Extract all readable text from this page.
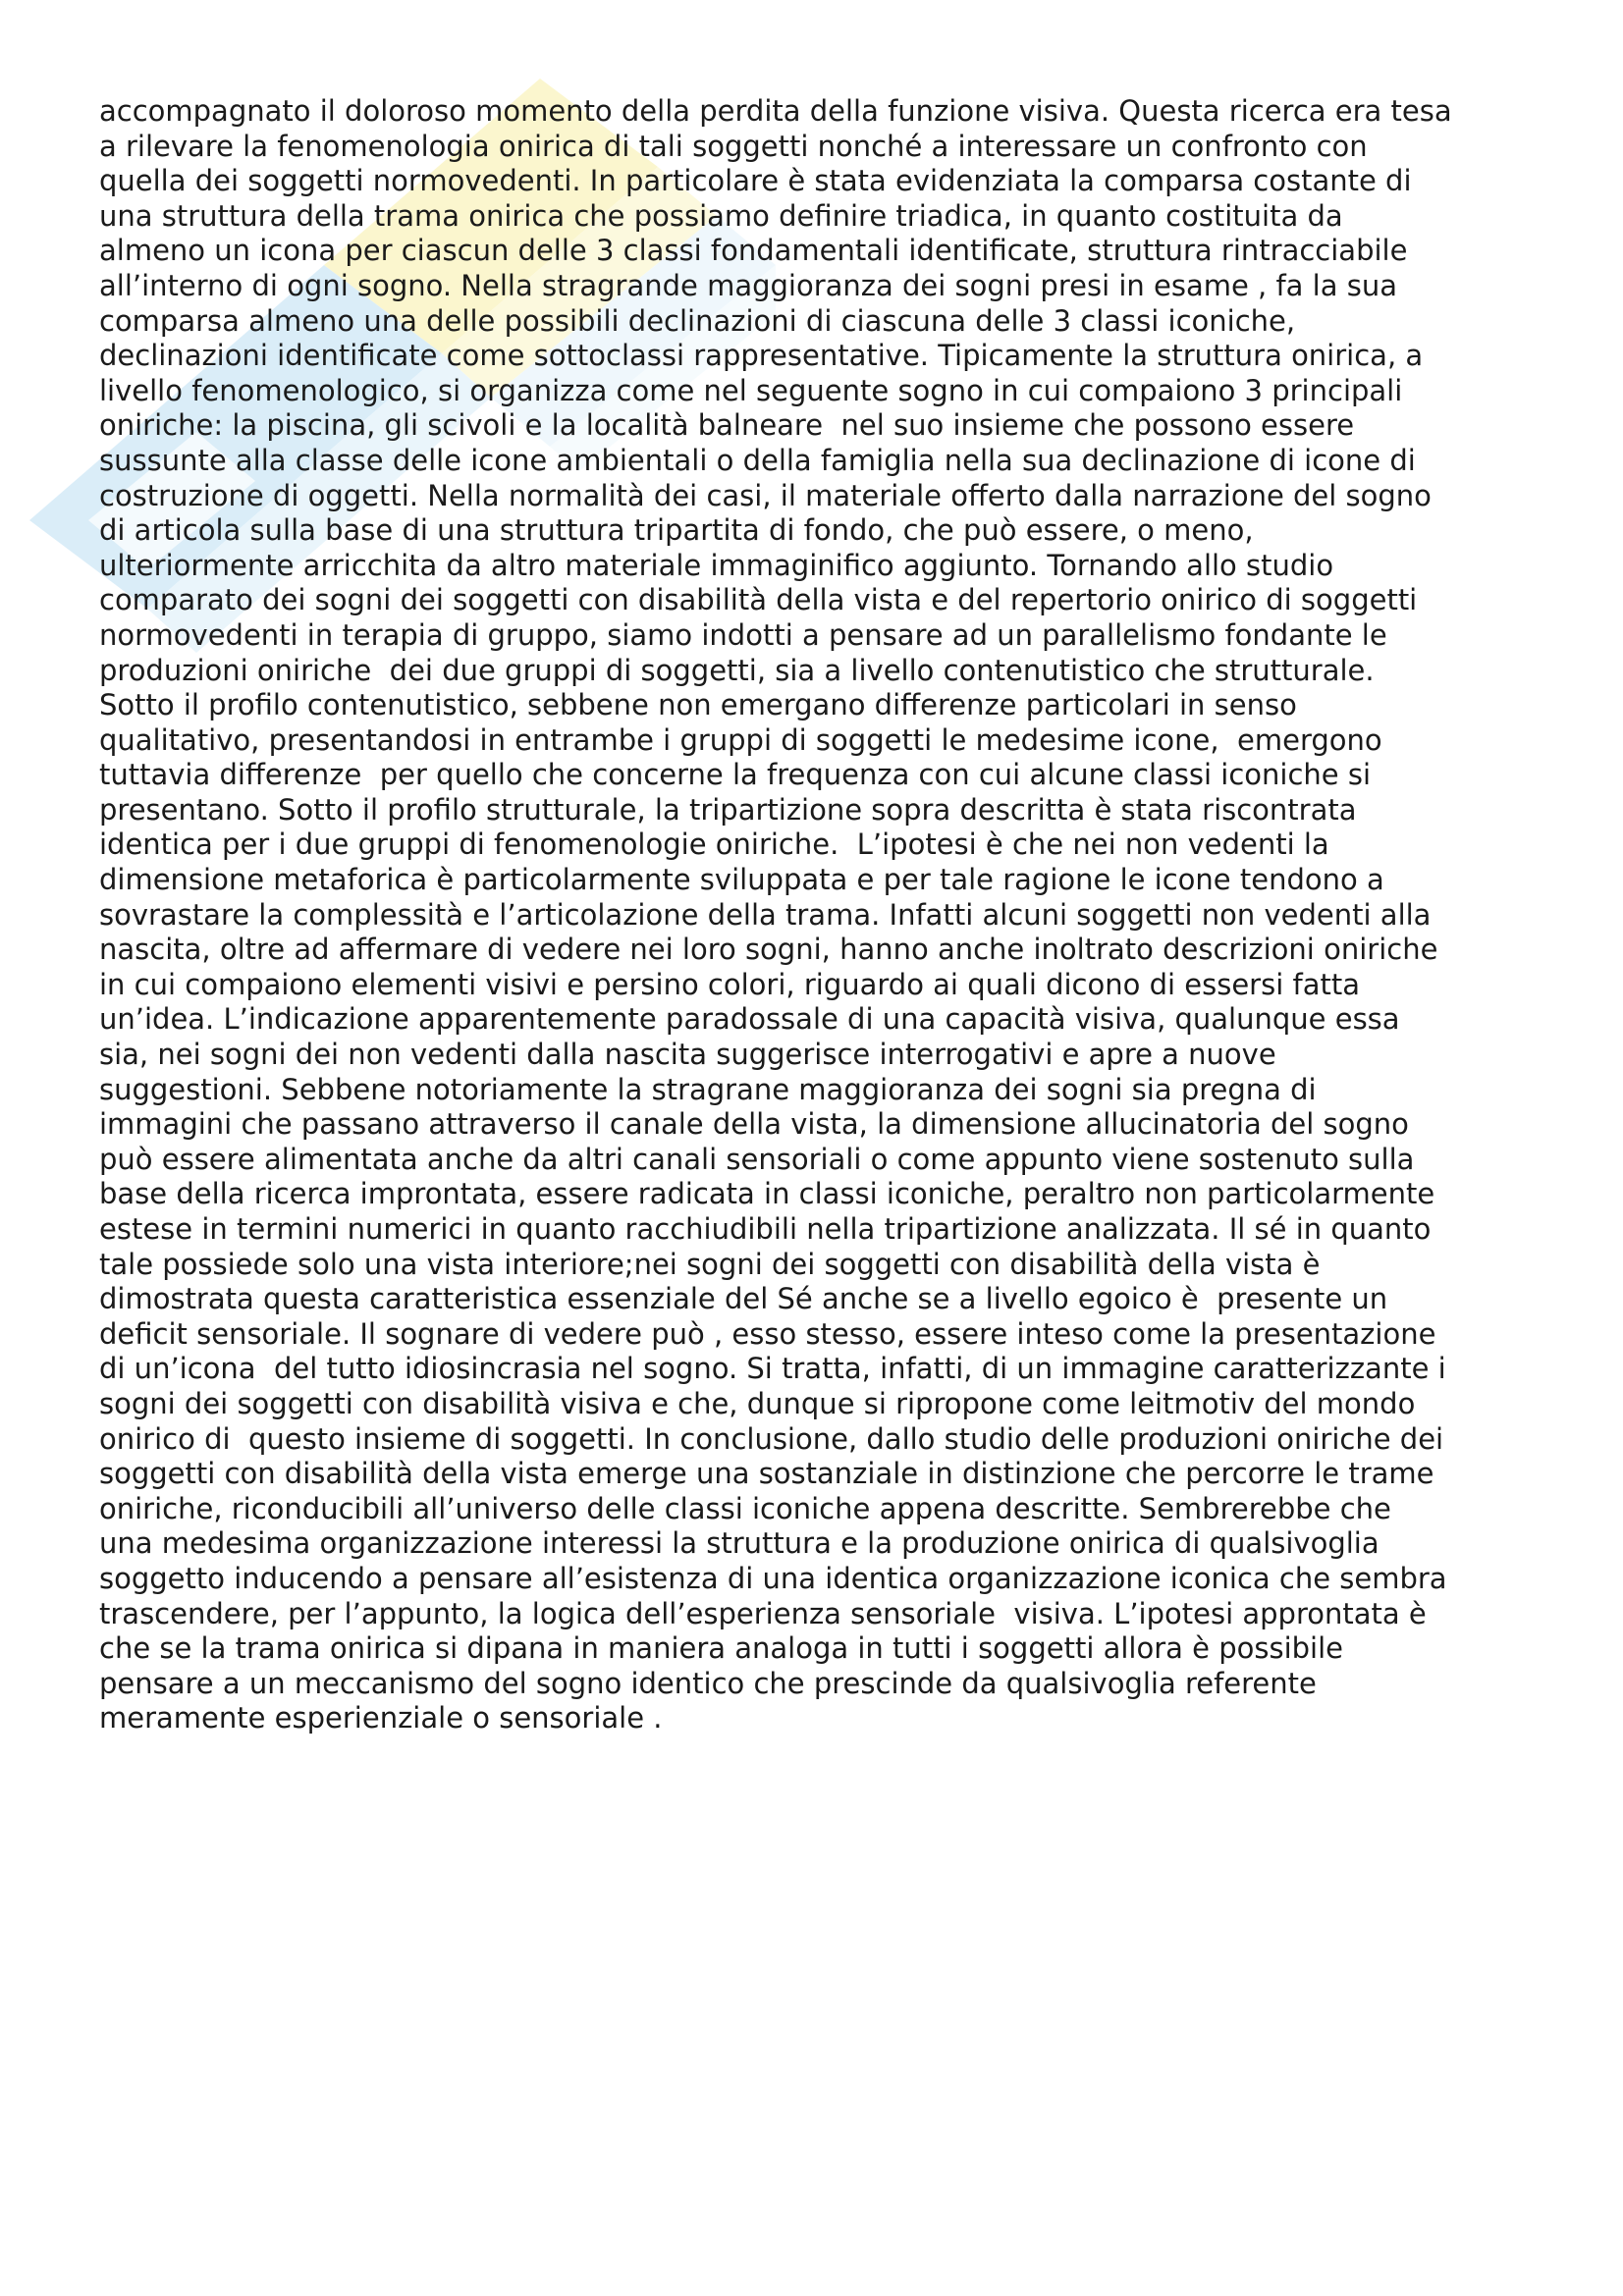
accompagnato il doloroso momento della perdita della funzione visiva. Questa ricerca era tesa
a rilevare la fenomenologia onirica di tali soggetti nonché a interessare un confronto con
quella dei soggetti normovedenti. In particolare è stata evidenziata la comparsa costante di
una struttura della trama onirica che possiamo definire triadica, in quanto costituita da
almeno un icona per ciascun delle 3 classi fondamentali identificate, struttura rintracciabile
all’interno di ogni sogno. Nella stragrande maggioranza dei sogni presi in esame , fa la sua
comparsa almeno una delle possibili declinazioni di ciascuna delle 3 classi iconiche,
declinazioni identificate come sottoclassi rappresentative. Tipicamente la struttura onirica, a
livello fenomenologico, si organizza come nel seguente sogno in cui compaiono 3 principali
oniriche: la piscina, gli scivoli e la località balneare  nel suo insieme che possono essere
sussunte alla classe delle icone ambientali o della famiglia nella sua declinazione di icone di
costruzione di oggetti. Nella normalità dei casi, il materiale offerto dalla narrazione del sogno
di articola sulla base di una struttura tripartita di fondo, che può essere, o meno,
ulteriormente arricchita da altro materiale immaginifico aggiunto. Tornando allo studio
comparato dei sogni dei soggetti con disabilità della vista e del repertorio onirico di soggetti
normovedenti in terapia di gruppo, siamo indotti a pensare ad un parallelismo fondante le
produzioni oniriche  dei due gruppi di soggetti, sia a livello contenutistico che strutturale.
Sotto il profilo contenutistico, sebbene non emergano differenze particolari in senso
qualitativo, presentandosi in entrambe i gruppi di soggetti le medesime icone,  emergono
tuttavia differenze  per quello che concerne la frequenza con cui alcune classi iconiche si
presentano. Sotto il profilo strutturale, la tripartizione sopra descritta è stata riscontrata
identica per i due gruppi di fenomenologie oniriche.  L’ipotesi è che nei non vedenti la
dimensione metaforica è particolarmente sviluppata e per tale ragione le icone tendono a
sovrastare la complessità e l’articolazione della trama. Infatti alcuni soggetti non vedenti alla
nascita, oltre ad affermare di vedere nei loro sogni, hanno anche inoltrato descrizioni oniriche
in cui compaiono elementi visivi e persino colori, riguardo ai quali dicono di essersi fatta
un’idea. L’indicazione apparentemente paradossale di una capacità visiva, qualunque essa
sia, nei sogni dei non vedenti dalla nascita suggerisce interrogativi e apre a nuove
suggestioni. Sebbene notoriamente la stragrane maggioranza dei sogni sia pregna di
immagini che passano attraverso il canale della vista, la dimensione allucinatoria del sogno
può essere alimentata anche da altri canali sensoriali o come appunto viene sostenuto sulla
base della ricerca improntata, essere radicata in classi iconiche, peraltro non particolarmente
estese in termini numerici in quanto racchiudibili nella tripartizione analizzata. Il sé in quanto
tale possiede solo una vista interiore;nei sogni dei soggetti con disabilità della vista è
dimostrata questa caratteristica essenziale del Sé anche se a livello egoico è  presente un
deficit sensoriale. Il sognare di vedere può , esso stesso, essere inteso come la presentazione
di un’icona  del tutto idiosincrasia nel sogno. Si tratta, infatti, di un immagine caratterizzante i
sogni dei soggetti con disabilità visiva e che, dunque si ripropone come leitmotiv del mondo
onirico di  questo insieme di soggetti. In conclusione, dallo studio delle produzioni oniriche dei
soggetti con disabilità della vista emerge una sostanziale in distinzione che percorre le trame
oniriche, riconducibili all’universo delle classi iconiche appena descritte. Sembrerebbe che
una medesima organizzazione interessi la struttura e la produzione onirica di qualsivoglia
soggetto inducendo a pensare all’esistenza di una identica organizzazione iconica che sembra
trascendere, per l’appunto, la logica dell’esperienza sensoriale  visiva. L’ipotesi approntata è
che se la trama onirica si dipana in maniera analoga in tutti i soggetti allora è possibile
pensare a un meccanismo del sogno identico che prescinde da qualsivoglia referente
meramente esperienziale o sensoriale .
